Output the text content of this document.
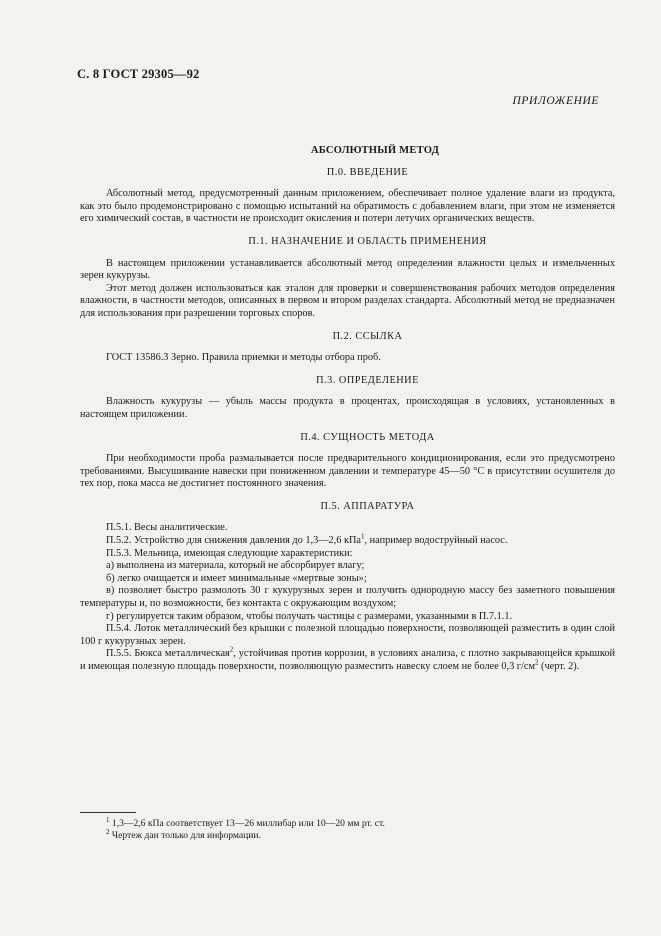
С. 8 ГОСТ 29305—92
ПРИЛОЖЕНИЕ
АБСОЛЮТНЫЙ МЕТОД
П.0. ВВЕДЕНИЕ

Абсолютный метод, предусмотренный данным приложением, обеспечивает полное удаление влаги из продукта, как это было продемонстрировано с помощью испытаний на обратимость с добавлением влаги, при этом не изменяется его химический состав, в частности не происходит окисления и потери летучих органических веществ.

П.1. НАЗНАЧЕНИЕ И ОБЛАСТЬ ПРИМЕНЕНИЯ

В настоящем приложении устанавливается абсолютный метод определения влажности целых и измельченных зерен кукурузы.

Этот метод должен использоваться как эталон для проверки и совершенствования рабочих методов определения влажности, в частности методов, описанных в первом и втором разделах стандарта. Абсолютный метод не предназначен для использования при разрешении торговых споров.

П.2. ССЫЛКА

ГОСТ 13586.3 Зерно. Правила приемки и методы отбора проб.

П.3. ОПРЕДЕЛЕНИЕ

Влажность кукурузы — убыль массы продукта в процентах, происходящая в условиях, установленных в настоящем приложении.

П.4. СУЩНОСТЬ МЕТОДА

При необходимости проба размалывается после предварительного кондиционирования, если это предусмотрено требованиями. Высушивание навески при пониженном давлении и температуре 45—50 °С в присутствии осушителя до тех пор, пока масса не достигнет постоянного значения.

П.5. АППАРАТУРА

П.5.1. Весы аналитические.

П.5.2. Устройство для снижения давления до 1,3—2,6 кПа$^1$, например водоструйный насос.

П.5.3. Мельница, имеющая следующие характеристики:

а) выполнена из материала, который не абсорбирует влагу;

б) легко очищается и имеет минимальные «мертвые зоны»;

в) позволяет быстро размолоть 30 г кукурузных зерен и получить однородную массу без заметного повышения температуры и, по возможности, без контакта с окружающим воздухом;

г) регулируется таким образом, чтобы получать частицы с размерами, указанными в П.7.1.1.

П.5.4. Лоток металлический без крышки с полезной площадью поверхности, позволяющей разместить в один слой 100 г кукурузных зерен.

П.5.5. Бюкса металлическая$^2$, устойчивая против коррозии, в условиях анализа, с плотно закрывающейся крышкой и имеющая полезную площадь поверхности, позволяющую разместить навеску слоем не более 0,3 $г/см^2$ (черт. 2).

$^1$ 1,3—2,6 кПа соответствует 13—26 миллибар или 10—20 мм рт. ст.

$^2$ Чертеж дан только для информации.
